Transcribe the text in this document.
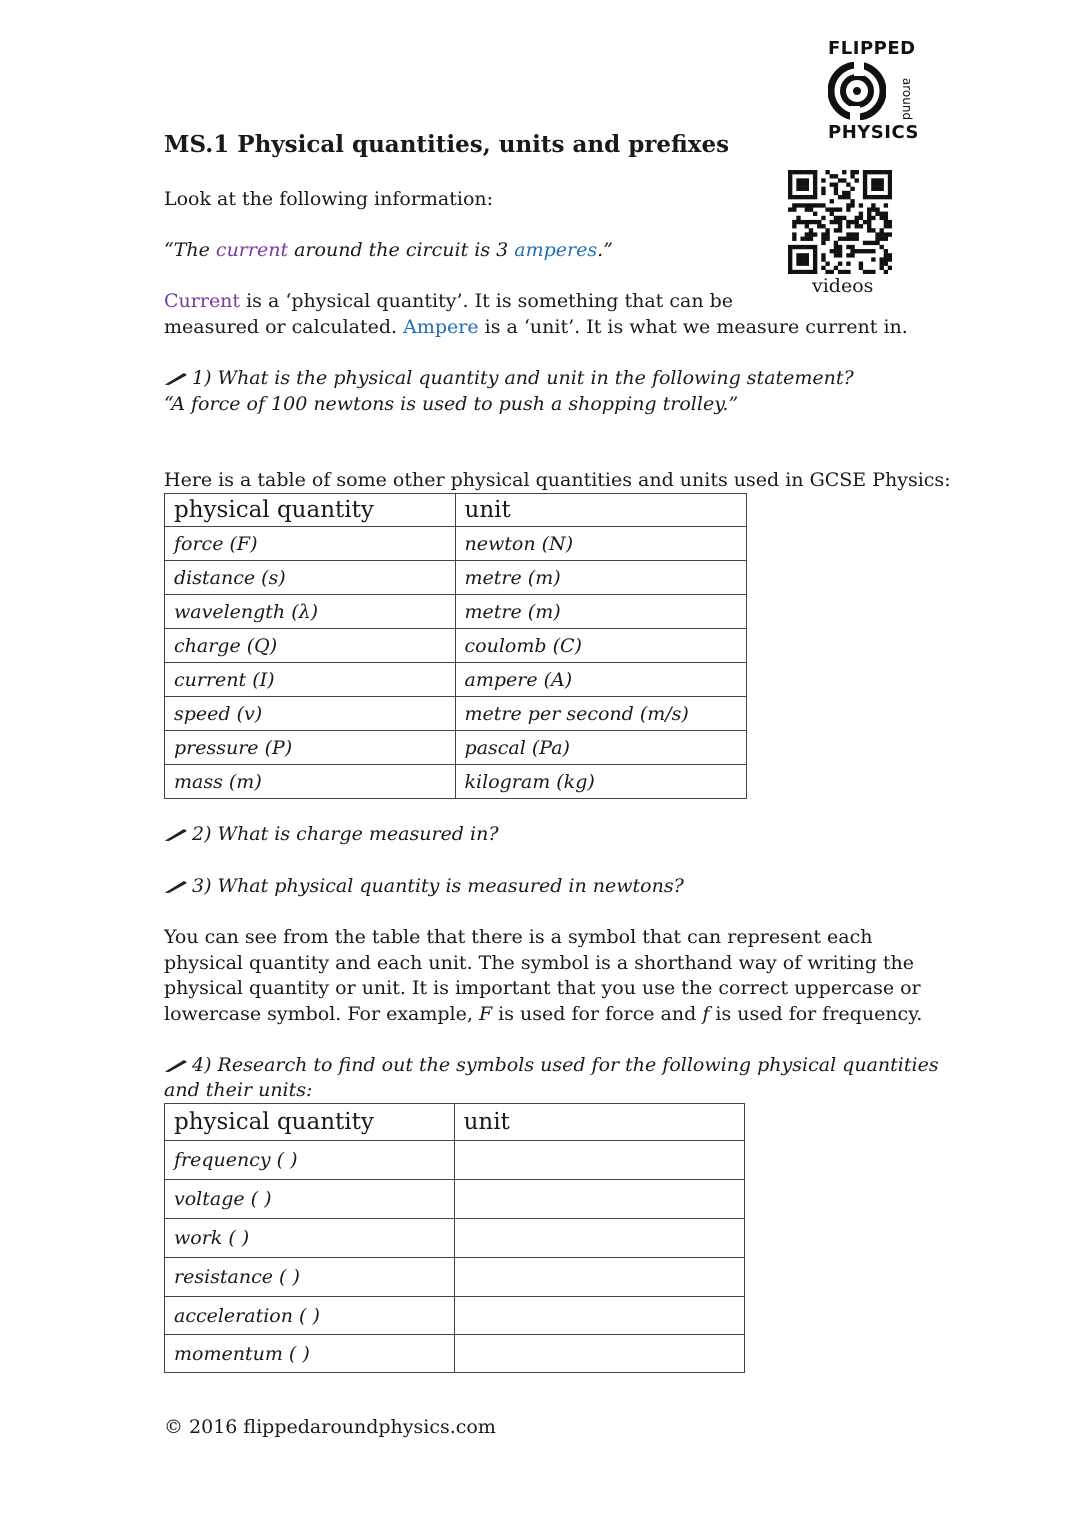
FLIPPED
around
PHYSICS
MS.1 Physical quantities, units and prefixes
videos
Look at the following information:
“The current around the circuit is 3 amperes.”
Current is a ‘physical quantity’. It is something that can be
measured or calculated. Ampere is a ‘unit’. It is what we measure current in.
1) What is the physical quantity and unit in the following statement?
“A force of 100 newtons is used to push a shopping trolley.”
Here is a table of some other physical quantities and units used in GCSE Physics:
physical quantity	unit
force (F)	newton (N)
distance (s)	metre (m)
wavelength (λ)	metre (m)
charge (Q)	coulomb (C)
current (I)	ampere (A)
speed (v)	metre per second (m/s)
pressure (P)	pascal (Pa)
mass (m)	kilogram (kg)
2) What is charge measured in?
3) What physical quantity is measured in newtons?
You can see from the table that there is a symbol that can represent each
physical quantity and each unit. The symbol is a shorthand way of writing the
physical quantity or unit. It is important that you use the correct uppercase or
lowercase symbol. For example, F is used for force and f is used for frequency.
4) Research to find out the symbols used for the following physical quantities
and their units:
physical quantity	unit
frequency ( )	
voltage ( )	
work ( )	
resistance ( )	
acceleration ( )	
momentum ( )	
© 2016 flippedaroundphysics.com
